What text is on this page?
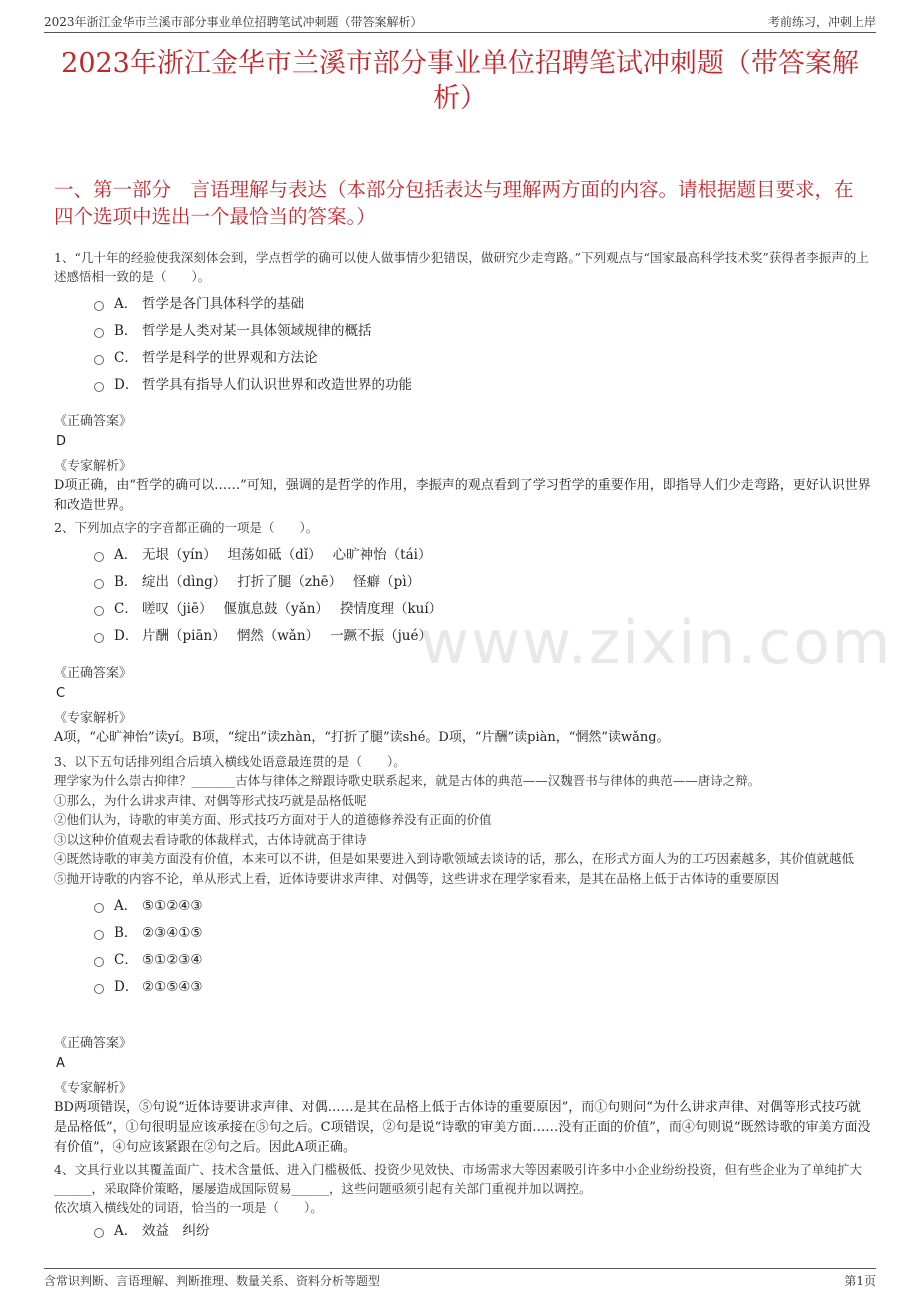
2023年浙江金华市兰溪市部分事业单位招聘笔试冲刺题（带答案解析）	考前练习，冲刺上岸
2023年浙江金华市兰溪市部分事业单位招聘笔试冲刺题（带答案解析）
一、第一部分　言语理解与表达（本部分包括表达与理解两方面的内容。请根据题目要求，在四个选项中选出一个最恰当的答案。）
www.zixin.com

1、“几十年的经验使我深刻体会到，学点哲学的确可以使人做事情少犯错误，做研究少走弯路。”下列观点与“国家最高科学技术奖”获得者李振声的上述感悟相一致的是（　　）。

A． 哲学是各门具体科学的基础
B． 哲学是人类对某一具体领域规律的概括
C． 哲学是科学的世界观和方法论
D． 哲学具有指导人们认识世界和改造世界的功能
《正确答案》
D
《专家解析》
D项正确，由“哲学的确可以……”可知，强调的是哲学的作用，李振声的观点看到了学习哲学的重要作用，即指导人们少走弯路，更好认识世界和改造世界。

2、下列加点字的字音都正确的一项是（　　）。

A． 无垠（yín）　 坦荡如砥（dǐ）　 心旷神怡（tái）
B． 绽出（dìng）　 打折了腿（zhē）　 怪癖（pì）
C． 嗟叹（jiē）　 偃旗息鼓（yǎn）　 揆情度理（kuí）
D． 片酬（piān）　 惘然（wǎn）　 一蹶不振（jué）
《正确答案》
C
《专家解析》
A项，“心旷神怡”读yí。B项，“绽出”读zhàn，“打折了腿”读shé。D项，“片酬”读piàn，“惘然”读wǎng。

3、以下五句话排列组合后填入横线处语意最连贯的是（　　）。

理学家为什么崇古抑律？_______古体与律体之辩跟诗歌史联系起来，就是古体的典范——汉魏晋书与律体的典范——唐诗之辩。
①那么，为什么讲求声律、对偶等形式技巧就是品格低呢
②他们认为，诗歌的审美方面、形式技巧方面对于人的道德修养没有正面的价值
③以这种价值观去看诗歌的体裁样式，古体诗就高于律诗
④既然诗歌的审美方面没有价值，本来可以不讲，但是如果要进入到诗歌领域去谈诗的话，那么，在形式方面人为的工巧因素越多，其价值就越低
⑤抛开诗歌的内容不论，单从形式上看，近体诗要讲求声律、对偶等，这些讲求在理学家看来，是其在品格上低于古体诗的重要原因
A． ⑤①②④③
B． ②③④①⑤
C． ⑤①②③④
D． ②①⑤④③
《正确答案》
A
《专家解析》
BD两项错误，⑤句说“近体诗要讲求声律、对偶……是其在品格上低于古体诗的重要原因”，而①句则问“为什么讲求声律、对偶等形式技巧就是品格低”，①句很明显应该承接在⑤句之后。C项错误，②句是说“诗歌的审美方面……没有正面的价值”，而④句则说“既然诗歌的审美方面没有价值”，④句应该紧跟在②句之后。因此A项正确。

4、文具行业以其覆盖面广、技术含量低、进入门槛极低、投资少见效快、市场需求大等因素吸引许多中小企业纷纷投资，但有些企业为了单纯扩大______，采取降价策略，屡屡造成国际贸易______，这些问题亟须引起有关部门重视并加以调控。

依次填入横线处的词语，恰当的一项是（　　）。

A． 效益　纠纷
含常识判断、言语理解、判断推理、数量关系、资料分析等题型	第1页
